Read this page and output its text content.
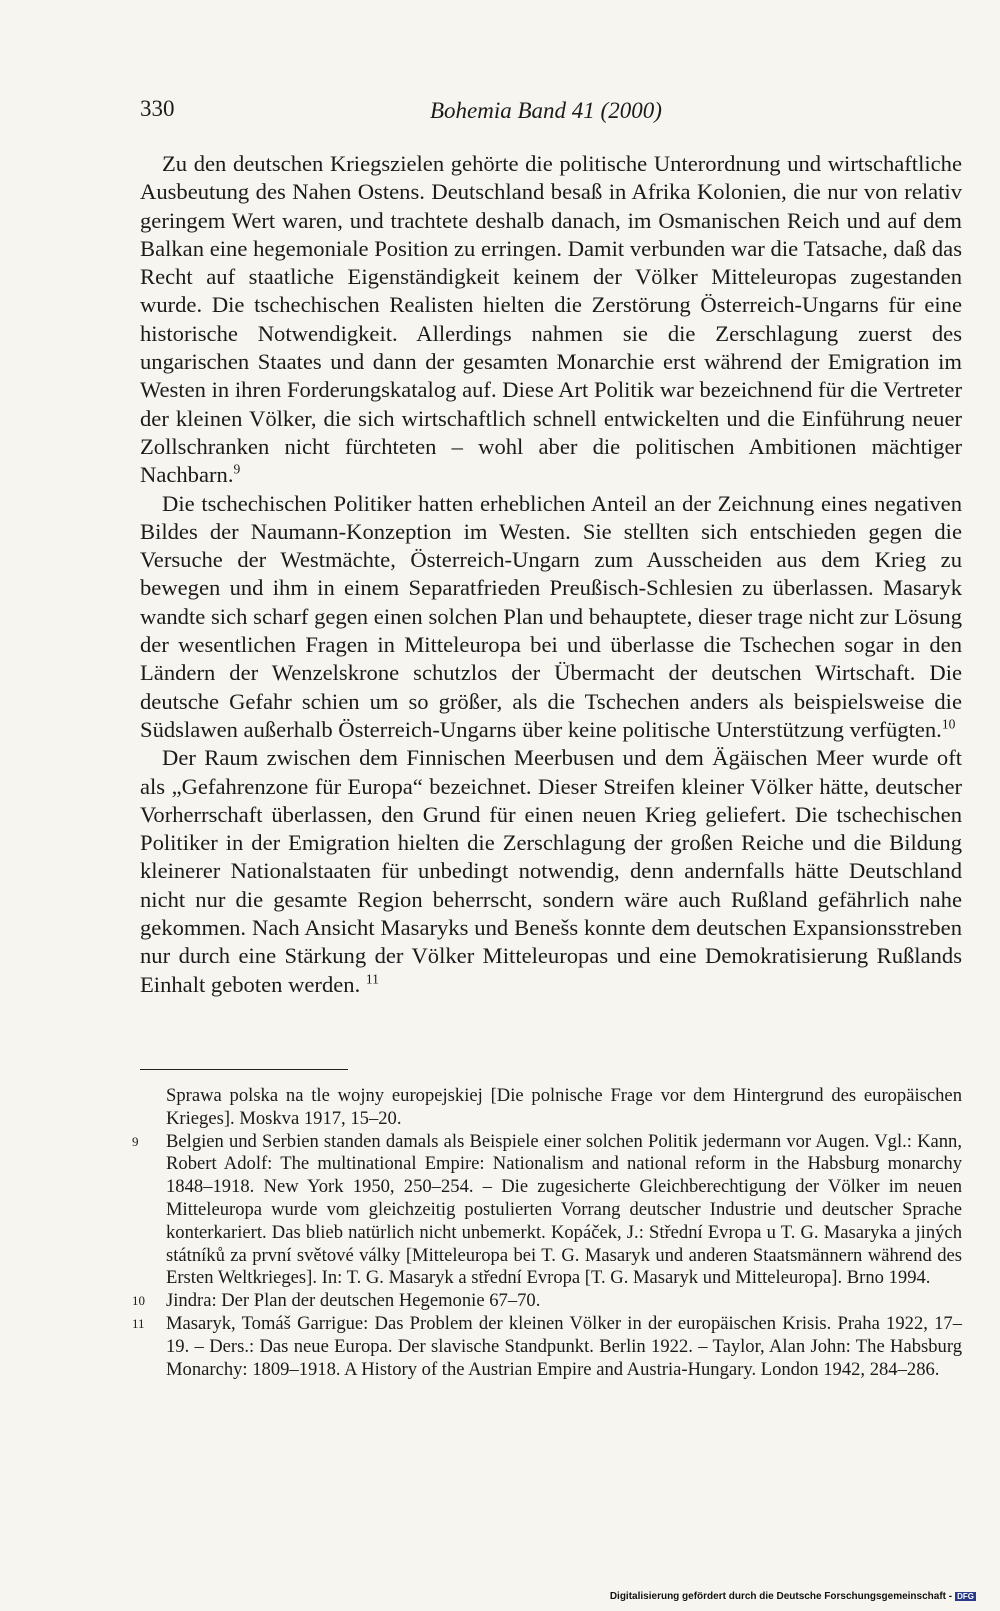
330	Bohemia Band 41 (2000)

Zu den deutschen Kriegszielen gehörte die politische Unterordnung und wirtschaftliche Ausbeutung des Nahen Ostens. Deutschland besaß in Afrika Kolonien, die nur von relativ geringem Wert waren, und trachtete deshalb danach, im Osmanischen Reich und auf dem Balkan eine hegemoniale Position zu erringen. Damit verbunden war die Tatsache, daß das Recht auf staatliche Eigenständigkeit keinem der Völker Mitteleuropas zugestanden wurde. Die tschechischen Realisten hielten die Zerstörung Österreich-Ungarns für eine historische Notwendigkeit. Allerdings nahmen sie die Zerschlagung zuerst des ungarischen Staates und dann der gesamten Monarchie erst während der Emigration im Westen in ihren Forderungskatalog auf. Diese Art Politik war bezeichnend für die Vertreter der kleinen Völker, die sich wirtschaftlich schnell entwickelten und die Einführung neuer Zollschranken nicht fürchteten – wohl aber die politischen Ambitionen mächtiger Nachbarn.$^9$

Die tschechischen Politiker hatten erheblichen Anteil an der Zeichnung eines negativen Bildes der Naumann-Konzeption im Westen. Sie stellten sich entschieden gegen die Versuche der Westmächte, Österreich-Ungarn zum Ausscheiden aus dem Krieg zu bewegen und ihm in einem Separatfrieden Preußisch-Schlesien zu überlassen. Masaryk wandte sich scharf gegen einen solchen Plan und behauptete, dieser trage nicht zur Lösung der wesentlichen Fragen in Mitteleuropa bei und überlasse die Tschechen sogar in den Ländern der Wenzelskrone schutzlos der Übermacht der deutschen Wirtschaft. Die deutsche Gefahr schien um so größer, als die Tschechen anders als beispielsweise die Südslawen außerhalb Österreich-Ungarns über keine politische Unterstützung verfügten.$^{10}$

Der Raum zwischen dem Finnischen Meerbusen und dem Ägäischen Meer wurde oft als „Gefahrenzone für Europa“ bezeichnet. Dieser Streifen kleiner Völker hätte, deutscher Vorherrschaft überlassen, den Grund für einen neuen Krieg geliefert. Die tschechischen Politiker in der Emigration hielten die Zerschlagung der großen Reiche und die Bildung kleinerer Nationalstaaten für unbedingt notwendig, denn andernfalls hätte Deutschland nicht nur die gesamte Region beherrscht, sondern wäre auch Rußland gefährlich nahe gekommen. Nach Ansicht Masaryks und Benešs konnte dem deutschen Expansionsstreben nur durch eine Stärkung der Völker Mitteleuropas und eine Demokratisierung Rußlands Einhalt geboten werden. $^{11}$

Sprawa polska na tle wojny europejskiej [Die polnische Frage vor dem Hintergrund des europäischen Krieges]. Moskva 1917, 15–20.
9 Belgien und Serbien standen damals als Beispiele einer solchen Politik jedermann vor Augen. Vgl.: Kann, Robert Adolf: The multinational Empire: Nationalism and national reform in the Habsburg monarchy 1848–1918. New York 1950, 250–254. – Die zugesicherte Gleichberechtigung der Völker im neuen Mitteleuropa wurde vom gleichzeitig postulierten Vorrang deutscher Industrie und deutscher Sprache konterkariert. Das blieb natürlich nicht unbemerkt. Kopáček, J.: Střední Evropa u T. G. Masaryka a jiných státníků za první světové války [Mitteleuropa bei T. G. Masaryk und anderen Staatsmännern während des Ersten Weltkrieges]. In: T. G. Masaryk a střední Evropa [T. G. Masaryk und Mitteleuropa]. Brno 1994.
10 Jindra: Der Plan der deutschen Hegemonie 67–70.
11 Masaryk, Tomáš Garrigue: Das Problem der kleinen Völker in der europäischen Krisis. Praha 1922, 17–19. – Ders.: Das neue Europa. Der slavische Standpunkt. Berlin 1922. – Taylor, Alan John: The Habsburg Monarchy: 1809–1918. A History of the Austrian Empire and Austria-Hungary. London 1942, 284–286.
Digitalisierung gefördert durch die Deutsche Forschungsgemeinschaft - DFG
